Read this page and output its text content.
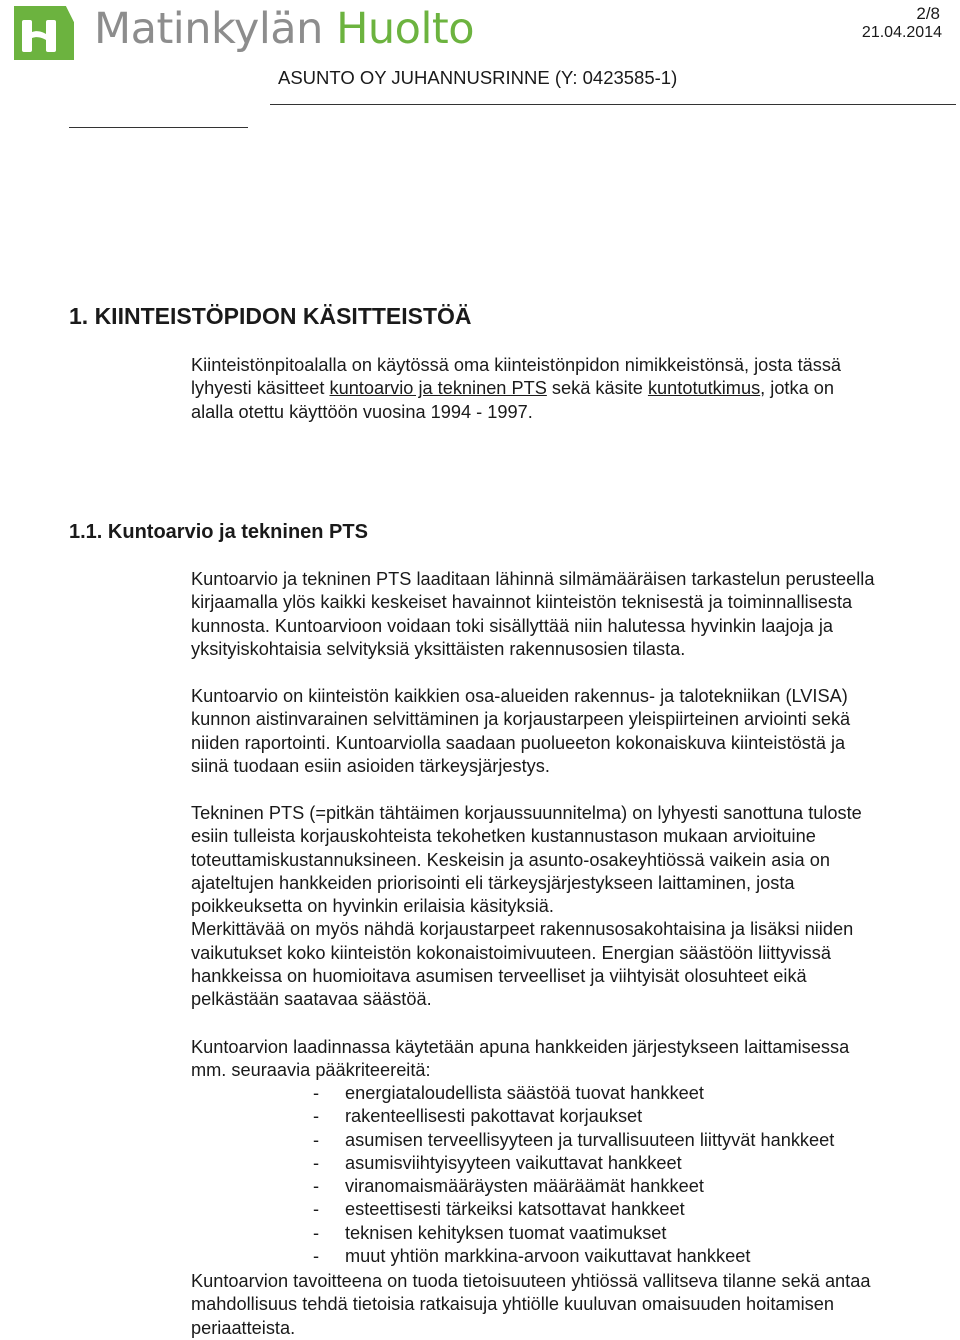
Matinkylän Huolto	2/8
21.04.2014
ASUNTO OY JUHANNUSRINNE (Y: 0423585-1)
1. KIINTEISTÖPIDON KÄSITTEISTÖÄ

Kiinteistönpitoalalla on käytössä oma kiinteistönpidon nimikkeistönsä, josta tässä
lyhyesti käsitteet kuntoarvio ja tekninen PTS sekä käsite kuntotutkimus, jotka on
alalla otettu käyttöön vuosina 1994 - 1997.

1.1. Kuntoarvio ja tekninen PTS

Kuntoarvio ja tekninen PTS laaditaan lähinnä silmämääräisen tarkastelun perusteella
kirjaamalla ylös kaikki keskeiset havainnot kiinteistön teknisestä ja toiminnallisesta
kunnosta. Kuntoarvioon voidaan toki sisällyttää niin halutessa hyvinkin laajoja ja
yksityiskohtaisia selvityksiä yksittäisten rakennusosien tilasta.

Kuntoarvio on kiinteistön kaikkien osa-alueiden rakennus- ja talotekniikan (LVISA)
kunnon aistinvarainen selvittäminen ja korjaustarpeen yleispiirteinen arviointi sekä
niiden raportointi. Kuntoarviolla saadaan puolueeton kokonaiskuva kiinteistöstä ja
siinä tuodaan esiin asioiden tärkeysjärjestys.

Tekninen PTS (=pitkän tähtäimen korjaussuunnitelma) on lyhyesti sanottuna tuloste
esiin tulleista korjauskohteista tekohetken kustannustason mukaan arvioituine
toteuttamiskustannuksineen. Keskeisin ja asunto-osakeyhtiössä vaikein asia on
ajateltujen hankkeiden priorisointi eli tärkeysjärjestykseen laittaminen, josta
poikkeuksetta on hyvinkin erilaisia käsityksiä.
Merkittävää on myös nähdä korjaustarpeet rakennusosakohtaisina ja lisäksi niiden
vaikutukset koko kiinteistön kokonaistoimivuuteen. Energian säästöön liittyvissä
hankkeissa on huomioitava asumisen terveelliset ja viihtyisät olosuhteet eikä
pelkästään saatavaa säästöä.

Kuntoarvion laadinnassa käytetään apuna hankkeiden järjestykseen laittamisessa
mm. seuraavia pääkriteereitä:

- energiataloudellista säästöä tuovat hankkeet
- rakenteellisesti pakottavat korjaukset
- asumisen terveellisyyteen ja turvallisuuteen liittyvät hankkeet
- asumisviihtyisyyteen vaikuttavat hankkeet
- viranomaismääräysten määräämät hankkeet
- esteettisesti tärkeiksi katsottavat hankkeet
- teknisen kehityksen tuomat vaatimukset
- muut yhtiön markkina-arvoon vaikuttavat hankkeet

Kuntoarvion tavoitteena on tuoda tietoisuuteen yhtiössä vallitseva tilanne sekä antaa
mahdollisuus tehdä tietoisia ratkaisuja yhtiölle kuuluvan omaisuuden hoitamisen
periaatteista.
